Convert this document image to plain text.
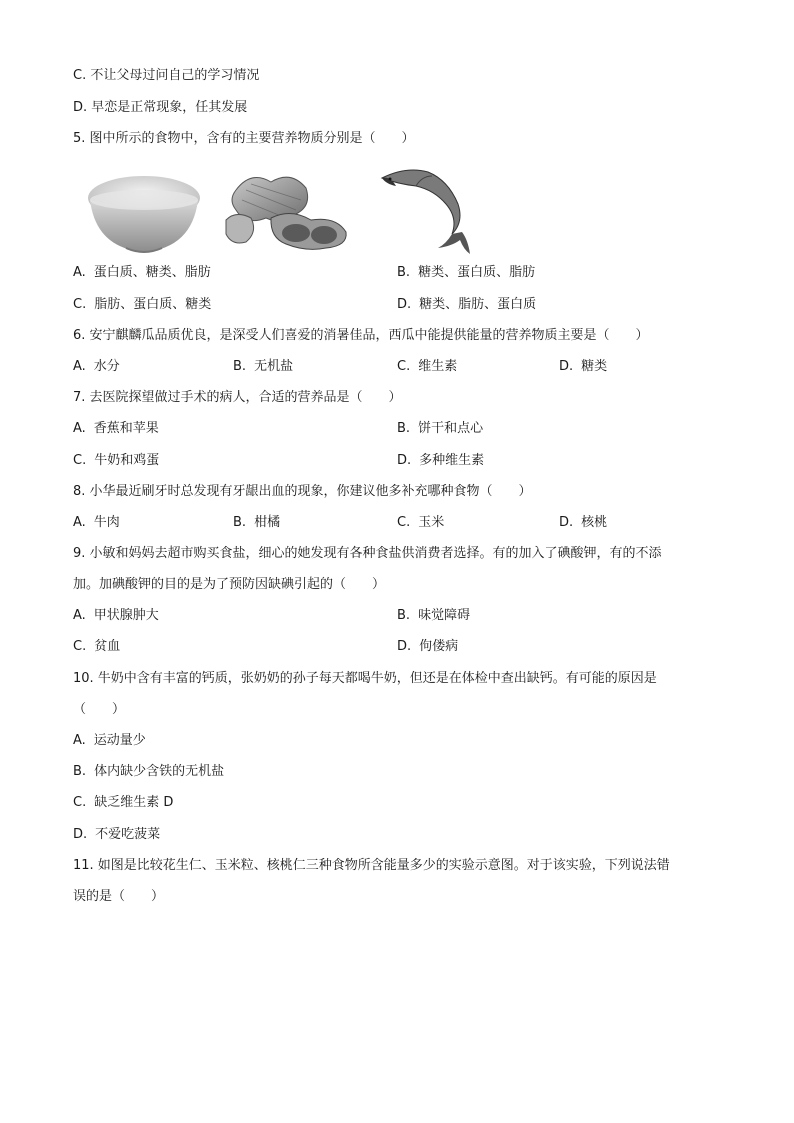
C. 不让父母过问自己的学习情况
D. 早恋是正常现象，任其发展
5. 图中所示的食物中，含有的主要营养物质分别是（　　）
A. 蛋白质、糖类、脂肪	B. 糖类、蛋白质、脂肪
C. 脂肪、蛋白质、糖类	D. 糖类、脂肪、蛋白质
6. 安宁麒麟瓜品质优良，是深受人们喜爱的消暑佳品，西瓜中能提供能量的营养物质主要是（　　）
A. 水分	B. 无机盐	C. 维生素	D. 糖类
7. 去医院探望做过手术的病人，合适的营养品是（　　）
A. 香蕉和苹果	B. 饼干和点心
C. 牛奶和鸡蛋	D. 多种维生素
8. 小华最近刷牙时总发现有牙龈出血的现象，你建议他多补充哪种食物（　　）
A. 牛肉	B. 柑橘	C. 玉米	D. 核桃
9. 小敏和妈妈去超市购买食盐，细心的她发现有各种食盐供消费者选择。有的加入了碘酸钾，有的不添
加。加碘酸钾的目的是为了预防因缺碘引起的（　　）
A. 甲状腺肿大	B. 味觉障碍
C. 贫血	D. 佝偻病
10. 牛奶中含有丰富的钙质，张奶奶的孙子每天都喝牛奶，但还是在体检中查出缺钙。有可能的原因是
（　　）
A. 运动量少
B. 体内缺少含铁的无机盐
C. 缺乏维生素 D
D. 不爱吃菠菜
11. 如图是比较花生仁、玉米粒、核桃仁三种食物所含能量多少的实验示意图。对于该实验，下列说法错
误的是（　　）
